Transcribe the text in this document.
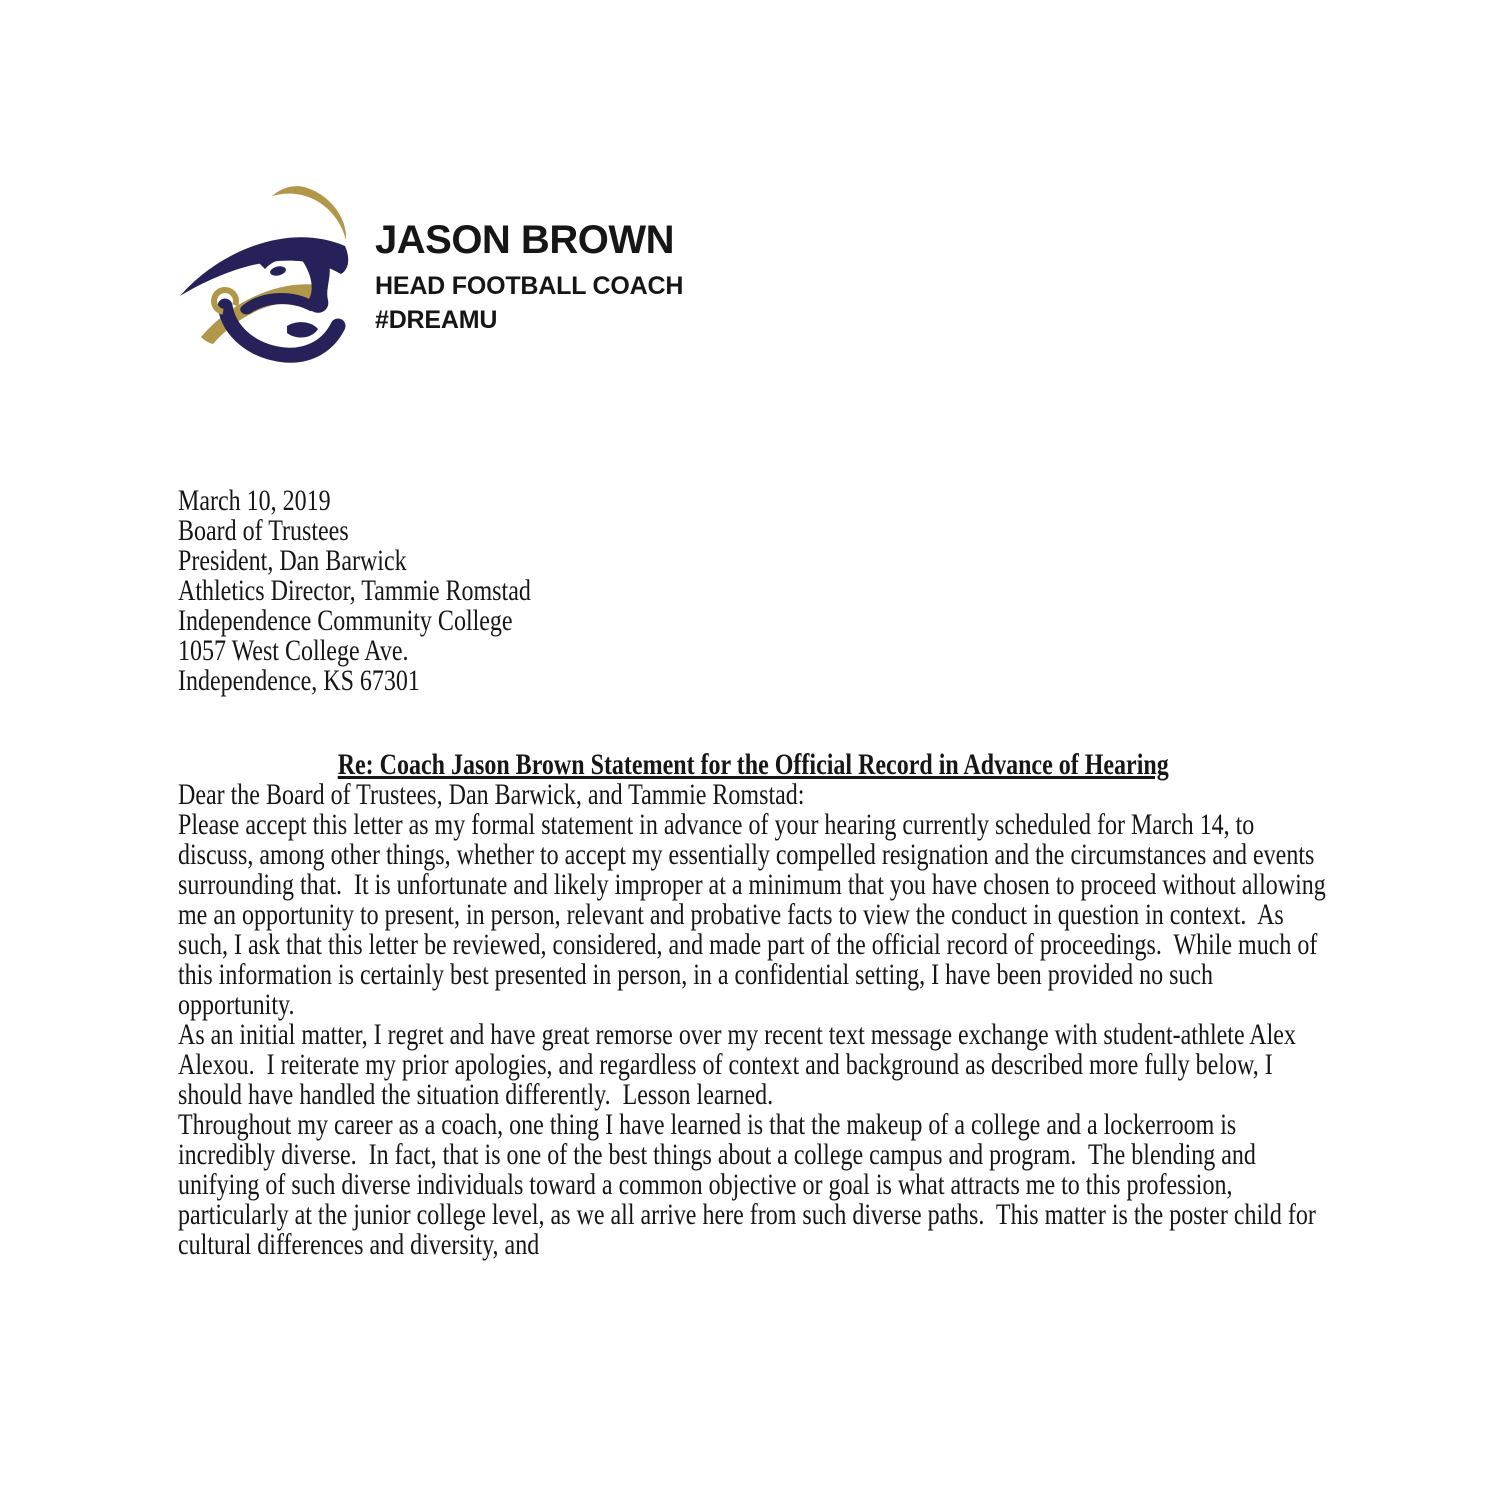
JASON BROWN
HEAD FOOTBALL COACH
#DREAMU

March 10, 2019

Board of Trustees

President, Dan Barwick

Athletics Director, Tammie Romstad

Independence Community College

1057 West College Ave.

Independence, KS 67301

Re: Coach Jason Brown Statement for the Official Record in Advance of Hearing

Dear the Board of Trustees, Dan Barwick, and Tammie Romstad:

Please accept this letter as my formal statement in advance of your hearing currently scheduled for March 14, to discuss, among other things, whether to accept my essentially compelled resignation and the circumstances and events surrounding that.  It is unfortunate and likely improper at a minimum that you have chosen to proceed without allowing me an opportunity to present, in person, relevant and probative facts to view the conduct in question in context.  As such, I ask that this letter be reviewed, considered, and made part of the official record of proceedings.  While much of this information is certainly best presented in person, in a confidential setting, I have been provided no such opportunity.

As an initial matter, I regret and have great remorse over my recent text message exchange with student-athlete Alex Alexou.  I reiterate my prior apologies, and regardless of context and background as described more fully below, I should have handled the situation differently.  Lesson learned.

Throughout my career as a coach, one thing I have learned is that the makeup of a college and a lockerroom is incredibly diverse.  In fact, that is one of the best things about a college campus and program.  The blending and unifying of such diverse individuals toward a common objective or goal is what attracts me to this profession, particularly at the junior college level, as we all arrive here from such diverse paths.  This matter is the poster child for cultural differences and diversity, and
